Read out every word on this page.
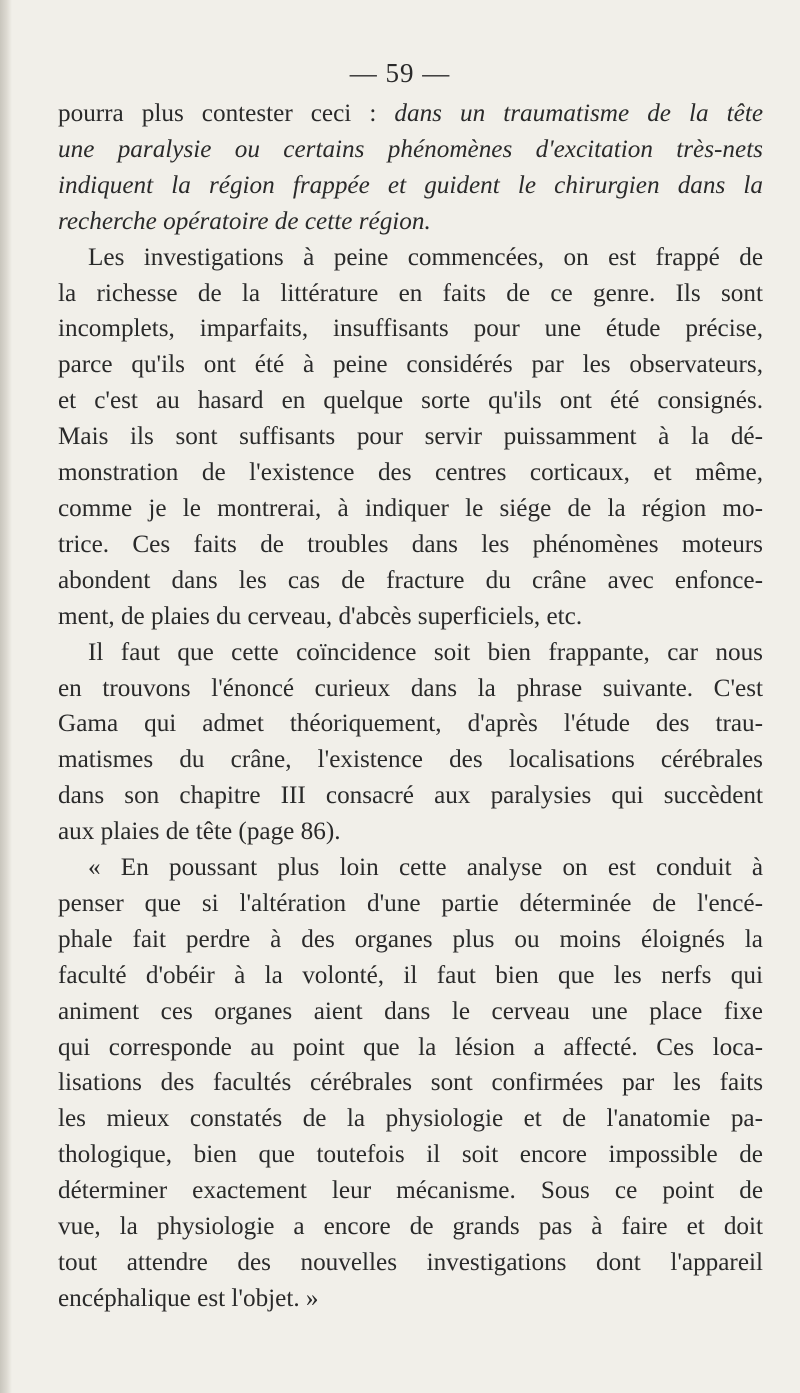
— 59 —
pourra plus contester ceci : dans un traumatisme de la tête
une paralysie ou certains phénomènes d'excitation très-nets
indiquent la région frappée et guident le chirurgien dans la
recherche opératoire de cette région.
Les investigations à peine commencées, on est frappé de
la richesse de la littérature en faits de ce genre. Ils sont
incomplets, imparfaits, insuffisants pour une étude précise,
parce qu'ils ont été à peine considérés par les observateurs,
et c'est au hasard en quelque sorte qu'ils ont été consignés.
Mais ils sont suffisants pour servir puissamment à la dé-
monstration de l'existence des centres corticaux, et même,
comme je le montrerai, à indiquer le siége de la région mo-
trice. Ces faits de troubles dans les phénomènes moteurs
abondent dans les cas de fracture du crâne avec enfonce-
ment, de plaies du cerveau, d'abcès superficiels, etc.
Il faut que cette coïncidence soit bien frappante, car nous
en trouvons l'énoncé curieux dans la phrase suivante. C'est
Gama qui admet théoriquement, d'après l'étude des trau-
matismes du crâne, l'existence des localisations cérébrales
dans son chapitre III consacré aux paralysies qui succèdent
aux plaies de tête (page 86).
« En poussant plus loin cette analyse on est conduit à
penser que si l'altération d'une partie déterminée de l'encé-
phale fait perdre à des organes plus ou moins éloignés la
faculté d'obéir à la volonté, il faut bien que les nerfs qui
animent ces organes aient dans le cerveau une place fixe
qui corresponde au point que la lésion a affecté. Ces loca-
lisations des facultés cérébrales sont confirmées par les faits
les mieux constatés de la physiologie et de l'anatomie pa-
thologique, bien que toutefois il soit encore impossible de
déterminer exactement leur mécanisme. Sous ce point de
vue, la physiologie a encore de grands pas à faire et doit
tout attendre des nouvelles investigations dont l'appareil
encéphalique est l'objet. »
